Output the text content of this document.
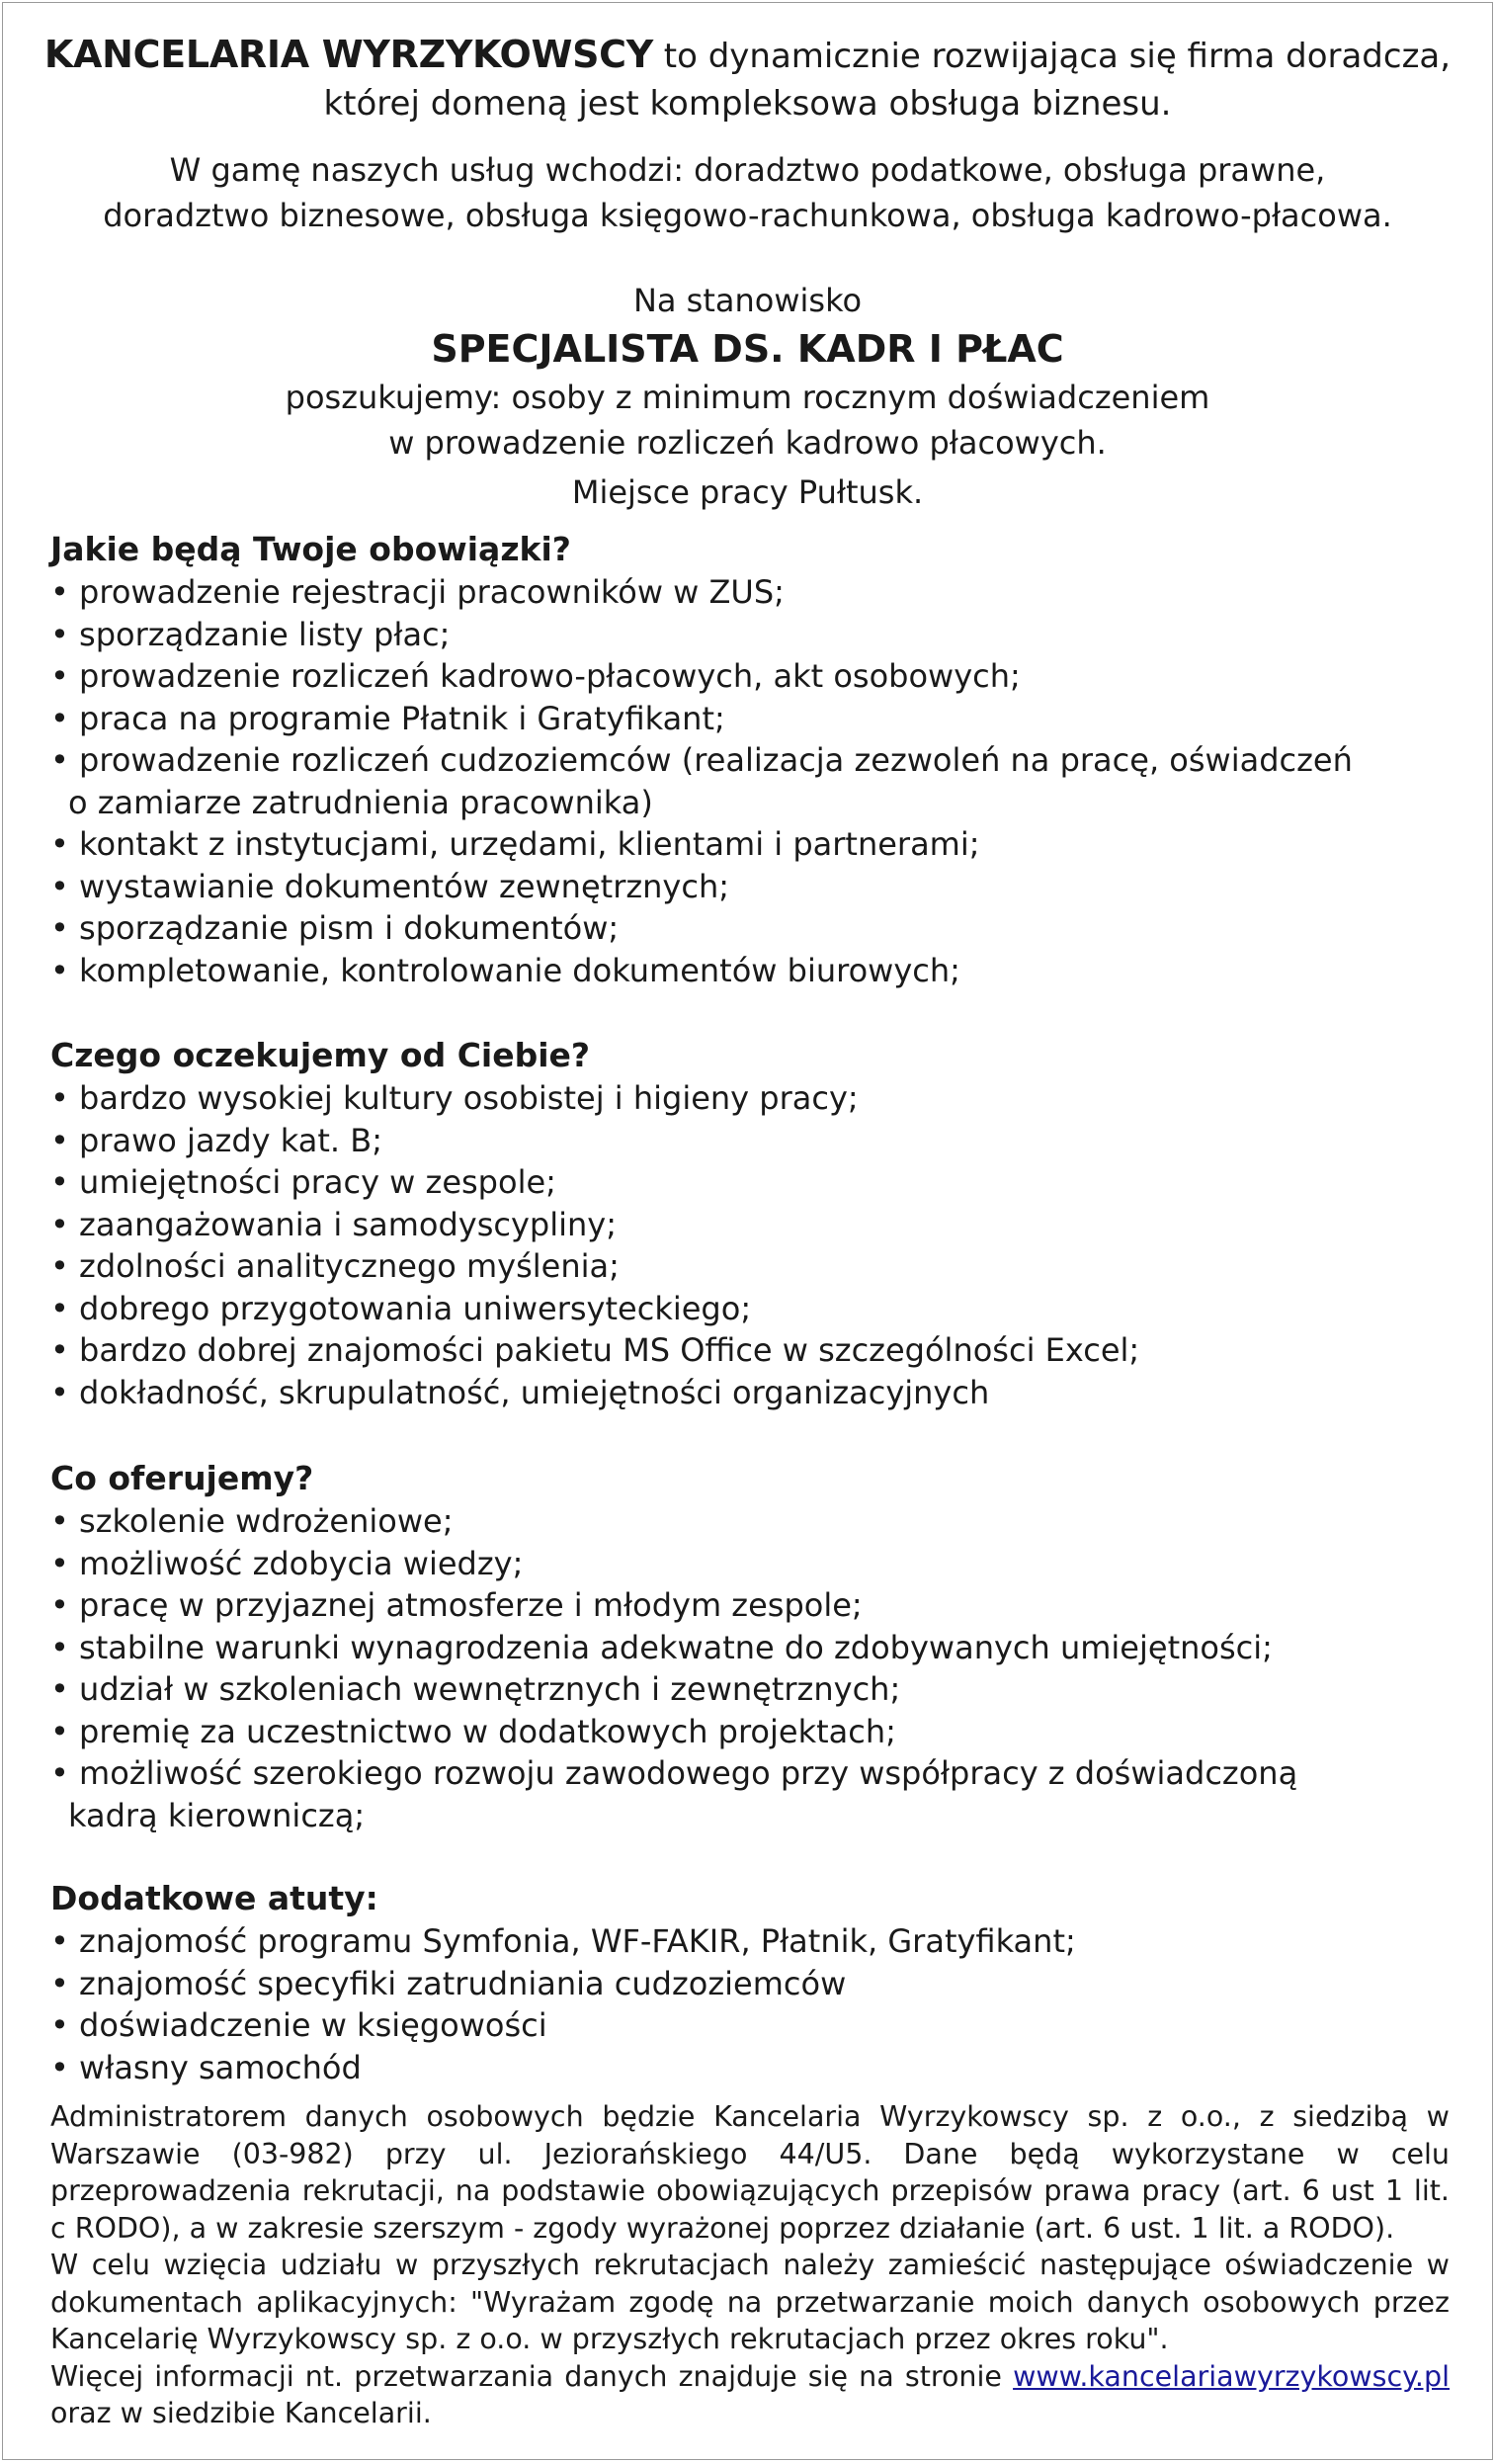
KANCELARIA WYRZYKOWSCY to dynamicznie rozwijająca się firma doradcza,
której domeną jest kompleksowa obsługa biznesu.
W gamę naszych usług wchodzi: doradztwo podatkowe, obsługa prawne,
doradztwo biznesowe, obsługa księgowo-rachunkowa, obsługa kadrowo-płacowa.
Na stanowisko
SPECJALISTA DS. KADR I PŁAC
poszukujemy: osoby z minimum rocznym doświadczeniem
w prowadzenie rozliczeń kadrowo płacowych.
Miejsce pracy Pułtusk.
Jakie będą Twoje obowiązki?
• prowadzenie rejestracji pracowników w ZUS;
• sporządzanie listy płac;
• prowadzenie rozliczeń kadrowo-płacowych, akt osobowych;
• praca na programie Płatnik i Gratyfikant;
• prowadzenie rozliczeń cudzoziemców (realizacja zezwoleń na pracę, oświadczeń
o zamiarze zatrudnienia pracownika)
• kontakt z instytucjami, urzędami, klientami i partnerami;
• wystawianie dokumentów zewnętrznych;
• sporządzanie pism i dokumentów;
• kompletowanie, kontrolowanie dokumentów biurowych;
Czego oczekujemy od Ciebie?
• bardzo wysokiej kultury osobistej i higieny pracy;
• prawo jazdy kat. B;
• umiejętności pracy w zespole;
• zaangażowania i samodyscypliny;
• zdolności analitycznego myślenia;
• dobrego przygotowania uniwersyteckiego;
• bardzo dobrej znajomości pakietu MS Office w szczególności Excel;
• dokładność, skrupulatność, umiejętności organizacyjnych
Co oferujemy?
• szkolenie wdrożeniowe;
• możliwość zdobycia wiedzy;
• pracę w przyjaznej atmosferze i młodym zespole;
• stabilne warunki wynagrodzenia adekwatne do zdobywanych umiejętności;
• udział w szkoleniach wewnętrznych i zewnętrznych;
• premię za uczestnictwo w dodatkowych projektach;
• możliwość szerokiego rozwoju zawodowego przy współpracy z doświadczoną
kadrą kierowniczą;
Dodatkowe atuty:
• znajomość programu Symfonia, WF-FAKIR, Płatnik, Gratyfikant;
• znajomość specyfiki zatrudniania cudzoziemców
• doświadczenie w księgowości
• własny samochód

Administratorem danych osobowych będzie Kancelaria Wyrzykowscy sp. z o.o., z siedzibą w Warszawie (03-982) przy ul. Jeziorańskiego 44/U5. Dane będą wykorzystane w celu przeprowadzenia rekrutacji, na podstawie obowiązujących przepisów prawa pracy (art. 6 ust 1 lit. c RODO), a w zakresie szerszym - zgody wyrażonej poprzez działanie (art. 6 ust. 1 lit. a RODO).

W celu wzięcia udziału w przyszłych rekrutacjach należy zamieścić następujące oświadczenie w dokumentach aplikacyjnych: "Wyrażam zgodę na przetwarzanie moich danych osobowych przez Kancelarię Wyrzykowscy sp. z o.o. w przyszłych rekrutacjach przez okres roku".

Więcej informacji nt. przetwarzania danych znajduje się na stronie www.kancelariawyrzykowscy.pl oraz w siedzibie Kancelarii.
